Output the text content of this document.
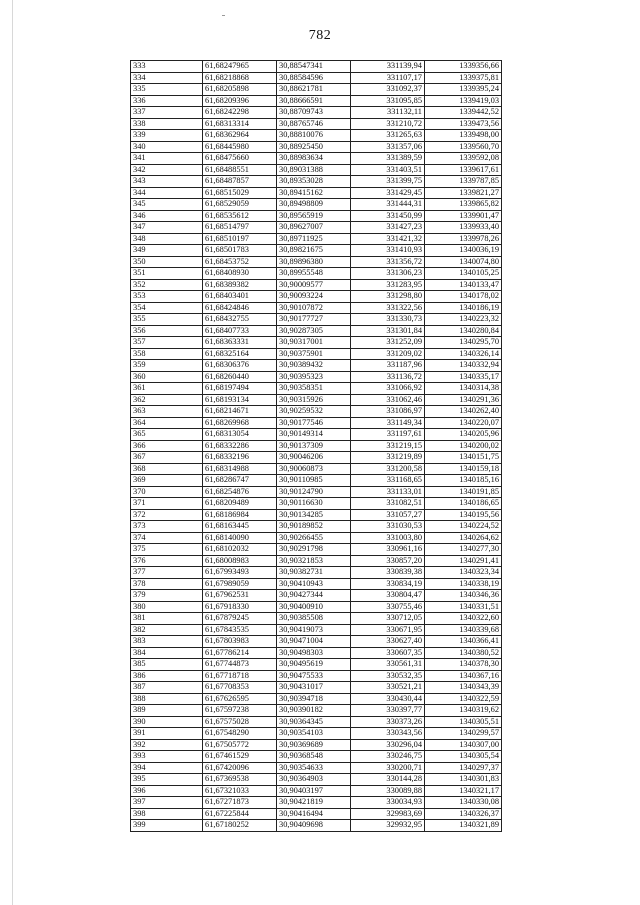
782
333	61,68247965	30,88547341	331139,94	1339356,66
334	61,68218868	30,88584596	331107,17	1339375,81
335	61,68205898	30,88621781	331092,37	1339395,24
336	61,68209396	30,88666591	331095,85	1339419,03
337	61,68242298	30,88709743	331132,11	1339442,52
338	61,68313314	30,88765746	331210,72	1339473,56
339	61,68362964	30,88810076	331265,63	1339498,00
340	61,68445980	30,88925450	331357,06	1339560,70
341	61,68475660	30,88983634	331389,59	1339592,08
342	61,68488551	30,89031388	331403,51	1339617,61
343	61,68487857	30,89353028	331399,75	1339787,85
344	61,68515029	30,89415162	331429,45	1339821,27
345	61,68529059	30,89498809	331444,31	1339865,82
346	61,68535612	30,89565919	331450,99	1339901,47
347	61,68514797	30,89627007	331427,23	1339933,40
348	61,68510197	30,89711925	331421,32	1339978,26
349	61,68501783	30,89821675	331410,93	1340036,19
350	61,68453752	30,89896380	331356,72	1340074,80
351	61,68408930	30,89955548	331306,23	1340105,25
352	61,68389382	30,90009577	331283,95	1340133,47
353	61,68403401	30,90093224	331298,80	1340178,02
354	61,68424846	30,90107872	331322,56	1340186,19
355	61,68432755	30,90177727	331330,73	1340223,32
356	61,68407733	30,90287305	331301,84	1340280,84
357	61,68363331	30,90317001	331252,09	1340295,70
358	61,68325164	30,90375901	331209,02	1340326,14
359	61,68306376	30,90389432	331187,96	1340332,94
360	61,68260440	30,90395323	331136,72	1340335,17
361	61,68197494	30,90358351	331066,92	1340314,38
362	61,68193134	30,90315926	331062,46	1340291,36
363	61,68214671	30,90259532	331086,97	1340262,40
364	61,68269968	30,90177546	331149,34	1340220,07
365	61,68313054	30,90149314	331197,61	1340205,96
366	61,68332286	30,90137309	331219,15	1340200,02
367	61,68332196	30,90046206	331219,89	1340151,75
368	61,68314988	30,90060873	331200,58	1340159,18
369	61,68286747	30,90110985	331168,65	1340185,16
370	61,68254876	30,90124790	331133,01	1340191,85
371	61,68209489	30,90116630	331082,51	1340186,65
372	61,68186984	30,90134285	331057,27	1340195,56
373	61,68163445	30,90189852	331030,53	1340224,52
374	61,68140090	30,90266455	331003,80	1340264,62
375	61,68102032	30,90291798	330961,16	1340277,30
376	61,68008983	30,90321853	330857,20	1340291,41
377	61,67993493	30,90382731	330839,38	1340323,34
378	61,67989059	30,90410943	330834,19	1340338,19
379	61,67962531	30,90427344	330804,47	1340346,36
380	61,67918330	30,90400910	330755,46	1340331,51
381	61,67879245	30,90385508	330712,05	1340322,60
382	61,67843535	30,90419073	330671,95	1340339,68
383	61,67803983	30,90471004	330627,40	1340366,41
384	61,67786214	30,90498303	330607,35	1340380,52
385	61,67744873	30,90495619	330561,31	1340378,30
386	61,67718718	30,90475533	330532,35	1340367,16
387	61,67708353	30,90431017	330521,21	1340343,39
388	61,67626595	30,90394718	330430,44	1340322,59
389	61,67597238	30,90390182	330397,77	1340319,62
390	61,67575028	30,90364345	330373,26	1340305,51
391	61,67548290	30,90354103	330343,56	1340299,57
392	61,67505772	30,90369689	330296,04	1340307,00
393	61,67461529	30,90368548	330246,75	1340305,54
394	61,67420096	30,90354633	330200,71	1340297,37
395	61,67369538	30,90364903	330144,28	1340301,83
396	61,67321033	30,90403197	330089,88	1340321,17
397	61,67271873	30,90421819	330034,93	1340330,08
398	61,67225844	30,90416494	329983,69	1340326,37
399	61,67180252	30,90409698	329932,95	1340321,89
